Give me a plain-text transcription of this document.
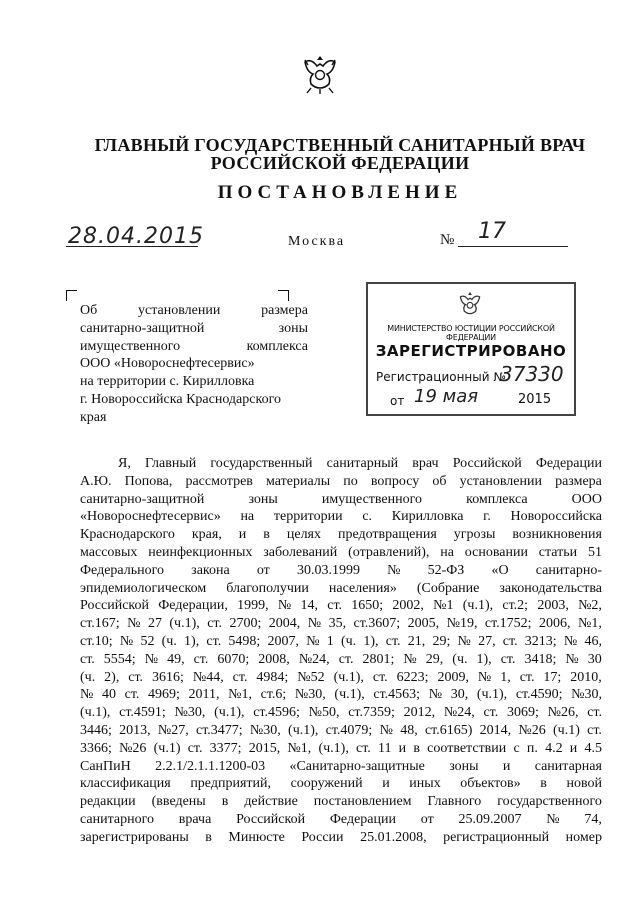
ГЛАВНЫЙ ГОСУДАРСТВЕННЫЙ САНИТАРНЫЙ ВРАЧ
РОССИЙСКОЙ ФЕДЕРАЦИИ
ПОСТАНОВЛЕНИЕ
28.04.2015	Москва	№ 17
Об	установлении	размера
санитарно-защитной	зоны
имущественного	комплекса
ООО «Новороснефтесервис»
на территории с. Кирилловка
г. Новороссийска Краснодарского
края
МИНИСТЕРСТВО ЮСТИЦИИ РОССИЙСКОЙ ФЕДЕРАЦИИ
ЗАРЕГИСТРИРОВАНО
Регистрационный №
37330
от 19 мая	2015
Я, Главный государственный санитарный врач Российской Федерации
А.Ю. Попова, рассмотрев материалы по вопросу об установлении размера
санитарно-защитной	зоны	имущественного	комплекса	ООО
«Новороснефтесервис» на территории с. Кирилловка г. Новороссийска
Краснодарского края, и в целях предотвращения угрозы возникновения
массовых неинфекционных заболеваний (отравлений), на основании статьи 51
Федерального закона от 30.03.1999 № 52-ФЗ «О санитарно-
эпидемиологическом благополучии населения» (Собрание законодательства
Российской Федерации, 1999, № 14, ст. 1650; 2002, №1 (ч.1), ст.2; 2003, №2,
ст.167; № 27 (ч.1), ст. 2700; 2004, № 35, ст.3607; 2005, №19, ст.1752; 2006, №1,
ст.10; № 52 (ч. 1), ст. 5498; 2007, № 1 (ч. 1), ст. 21, 29; № 27, ст. 3213; № 46,
ст. 5554; № 49, ст. 6070; 2008, №24, ст. 2801; № 29, (ч. 1), ст. 3418; № 30
(ч. 2), ст. 3616; №44, ст. 4984; №52 (ч.1), ст. 6223; 2009, № 1, ст. 17; 2010,
№ 40 ст. 4969; 2011, №1, ст.6; №30, (ч.1), ст.4563; № 30, (ч.1), ст.4590; №30,
(ч.1), ст.4591; №30, (ч.1), ст.4596; №50, ст.7359; 2012, №24, ст. 3069; №26, ст.
3446; 2013, №27, ст.3477; №30, (ч.1), ст.4079; № 48, ст.6165) 2014, №26 (ч.1) ст.
3366; №26 (ч.1) ст. 3377; 2015, №1, (ч.1), ст. 11 и в соответствии с п. 4.2 и 4.5
СанПиН 2.2.1/2.1.1.1200-03 «Санитарно-защитные зоны и санитарная
классификация предприятий, сооружений и иных объектов» в новой
редакции (введены в действие постановлением Главного государственного
санитарного врача Российской Федерации от 25.09.2007 № 74,
зарегистрированы в Минюсте России 25.01.2008, регистрационный номер
